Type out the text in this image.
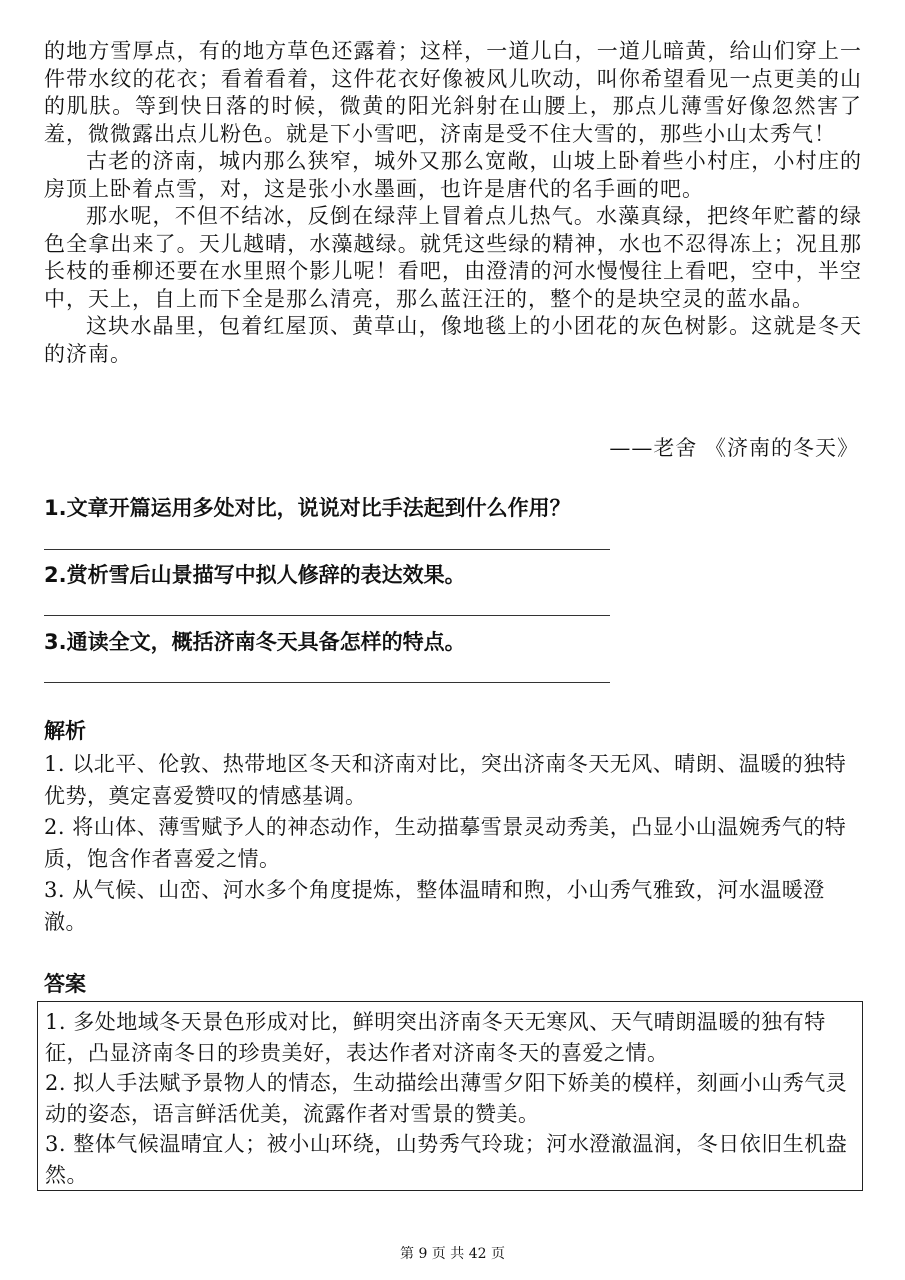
的地方雪厚点，有的地方草色还露着；这样，一道儿白，一道儿暗黄，给山们穿上一件带水纹的花衣；看着看着，这件花衣好像被风儿吹动，叫你希望看见一点更美的山的肌肤。等到快日落的时候，微黄的阳光斜射在山腰上，那点儿薄雪好像忽然害了羞，微微露出点儿粉色。就是下小雪吧，济南是受不住大雪的，那些小山太秀气！

古老的济南，城内那么狭窄，城外又那么宽敞，山坡上卧着些小村庄，小村庄的房顶上卧着点雪，对，这是张小水墨画，也许是唐代的名手画的吧。

那水呢，不但不结冰，反倒在绿萍上冒着点儿热气。水藻真绿，把终年贮蓄的绿色全拿出来了。天儿越晴，水藻越绿。就凭这些绿的精神，水也不忍得冻上；况且那长枝的垂柳还要在水里照个影儿呢！看吧，由澄清的河水慢慢往上看吧，空中，半空中，天上，自上而下全是那么清亮，那么蓝汪汪的，整个的是块空灵的蓝水晶。

这块水晶里，包着红屋顶、黄草山，像地毯上的小团花的灰色树影。这就是冬天的济南。

——老舍 《济南的冬天》
1.文章开篇运用多处对比，说说对比手法起到什么作用？
2.赏析雪后山景描写中拟人修辞的表达效果。
3.通读全文，概括济南冬天具备怎样的特点。
解析

1. 以北平、伦敦、热带地区冬天和济南对比，突出济南冬天无风、晴朗、温暖的独特优势，奠定喜爱赞叹的情感基调。

2. 将山体、薄雪赋予人的神态动作，生动描摹雪景灵动秀美，凸显小山温婉秀气的特质，饱含作者喜爱之情。

3. 从气候、山峦、河水多个角度提炼，整体温晴和煦，小山秀气雅致，河水温暖澄澈。

答案

1. 多处地域冬天景色形成对比，鲜明突出济南冬天无寒风、天气晴朗温暖的独有特征，凸显济南冬日的珍贵美好，表达作者对济南冬天的喜爱之情。

2. 拟人手法赋予景物人的情态，生动描绘出薄雪夕阳下娇美的模样，刻画小山秀气灵动的姿态，语言鲜活优美，流露作者对雪景的赞美。

3. 整体气候温晴宜人；被小山环绕，山势秀气玲珑；河水澄澈温润，冬日依旧生机盎然。

第 9 页 共 42 页
